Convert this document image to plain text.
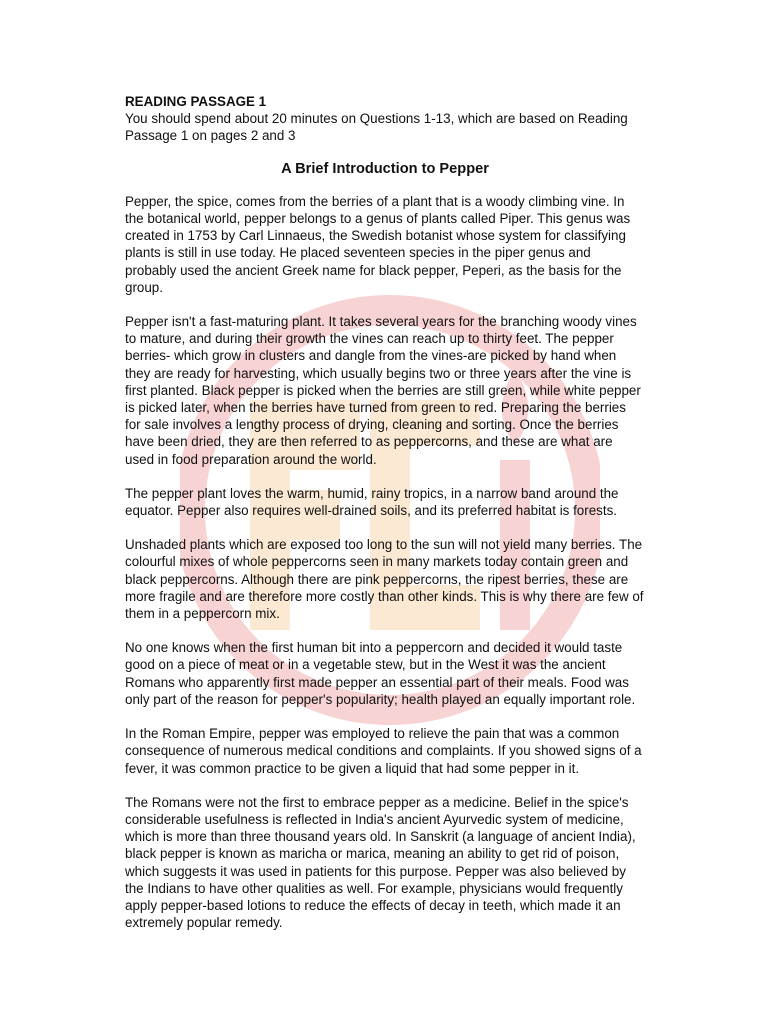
READING PASSAGE 1

You should spend about 20 minutes on Questions 1-13, which are based on Reading Passage 1 on pages 2 and 3

A Brief Introduction to Pepper

Pepper, the spice, comes from the berries of a plant that is a woody climbing vine. In the botanical world, pepper belongs to a genus of plants called Piper. This genus was created in 1753 by Carl Linnaeus, the Swedish botanist whose system for classifying plants is still in use today. He placed seventeen species in the piper genus and probably used the ancient Greek name for black pepper, Peperi, as the basis for the group.

Pepper isn't a fast-maturing plant. It takes several years for the branching woody vines to mature, and during their growth the vines can reach up to thirty feet. The pepper berries- which grow in clusters and dangle from the vines-are picked by hand when they are ready for harvesting, which usually begins two or three years after the vine is first planted. Black pepper is picked when the berries are still green, while white pepper is picked later, when the berries have turned from green to red. Preparing the berries for sale involves a lengthy process of drying, cleaning and sorting. Once the berries have been dried, they are then referred to as peppercorns, and these are what are used in food preparation around the world.

The pepper plant loves the warm, humid, rainy tropics, in a narrow band around the equator. Pepper also requires well-drained soils, and its preferred habitat is forests.

Unshaded plants which are exposed too long to the sun will not yield many berries. The colourful mixes of whole peppercorns seen in many markets today contain green and black peppercorns. Although there are pink peppercorns, the ripest berries, these are more fragile and are therefore more costly than other kinds. This is why there are few of them in a peppercorn mix.

No one knows when the first human bit into a peppercorn and decided it would taste good on a piece of meat or in a vegetable stew, but in the West it was the ancient Romans who apparently first made pepper an essential part of their meals. Food was only part of the reason for pepper's popularity; health played an equally important role.

In the Roman Empire, pepper was employed to relieve the pain that was a common consequence of numerous medical conditions and complaints. If you showed signs of a fever, it was common practice to be given a liquid that had some pepper in it.

The Romans were not the first to embrace pepper as a medicine. Belief in the spice's considerable usefulness is reflected in India's ancient Ayurvedic system of medicine, which is more than three thousand years old. In Sanskrit (a language of ancient India), black pepper is known as maricha or marica, meaning an ability to get rid of poison, which suggests it was used in patients for this purpose. Pepper was also believed by the Indians to have other qualities as well. For example, physicians would frequently apply pepper-based lotions to reduce the effects of decay in teeth, which made it an extremely popular remedy.
